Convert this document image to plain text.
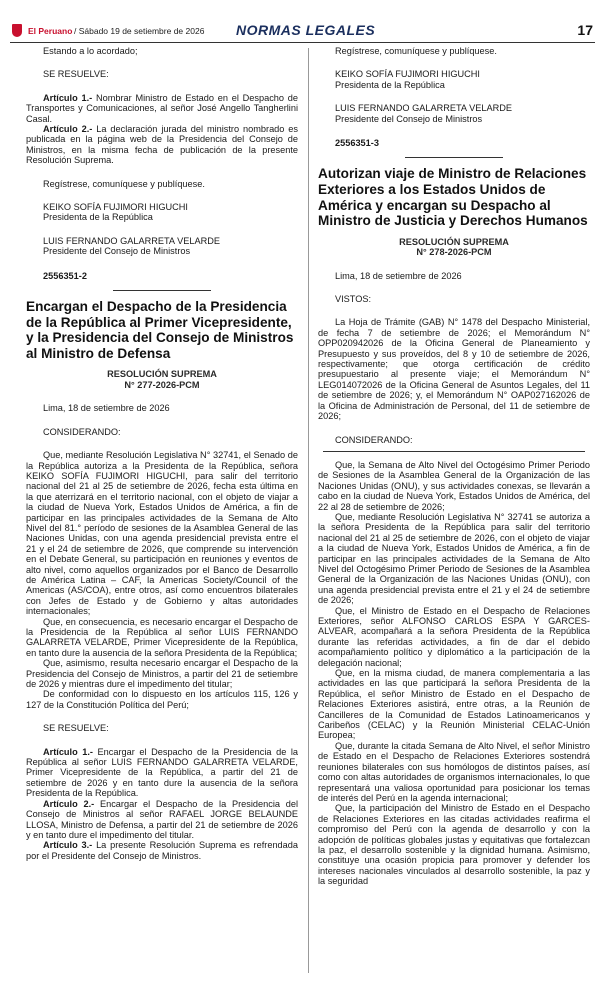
El Peruano / Sábado 19 de setiembre de 2026 NORMAS LEGALES	17

Estando a lo acordado;

SE RESUELVE:

Artículo 1.- Nombrar Ministro de Estado en el Despacho de Transportes y Comunicaciones, al señor José Angello Tangherlini Casal.

Artículo 2.- La declaración jurada del ministro nombrado es publicada en la página web de la Presidencia del Consejo de Ministros, en la misma fecha de publicación de la presente Resolución Suprema.

Regístrese, comuníquese y publíquese.

KEIKO SOFÍA FUJIMORI HIGUCHI

Presidenta de la República

LUIS FERNANDO GALARRETA VELARDE

Presidente del Consejo de Ministros

2556351-2

Encargan el Despacho de la Presidencia de la República al Primer Vicepresidente, y la Presidencia del Consejo de Ministros al Ministro de Defensa

RESOLUCIÓN SUPREMA

N° 277-2026-PCM

Lima, 18 de setiembre de 2026

CONSIDERANDO:

Que, mediante Resolución Legislativa N° 32741, el Senado de la República autoriza a la Presidenta de la República, señora KEIKO SOFÍA FUJIMORI HIGUCHI, para salir del territorio nacional del 21 al 25 de setiembre de 2026, fecha esta última en la que aterrizará en el territorio nacional, con el objeto de viajar a la ciudad de Nueva York, Estados Unidos de América, a fin de participar en las principales actividades de la Semana de Alto Nivel del 81.° período de sesiones de la Asamblea General de las Naciones Unidas, con una agenda presidencial prevista entre el 21 y el 24 de setiembre de 2026, que comprende su intervención en el Debate General, su participación en reuniones y eventos de alto nivel, como aquellos organizados por el Banco de Desarrollo de América Latina – CAF, la Americas Society/Council of the Americas (AS/COA), entre otros, así como encuentros bilaterales con Jefes de Estado y de Gobierno y altas autoridades internacionales;

Que, en consecuencia, es necesario encargar el Despacho de la Presidencia de la República al señor LUIS FERNANDO GALARRETA VELARDE, Primer Vicepresidente de la República, en tanto dure la ausencia de la señora Presidenta de la República;

Que, asimismo, resulta necesario encargar el Despacho de la Presidencia del Consejo de Ministros, a partir del 21 de setiembre de 2026 y mientras dure el impedimento del titular;

De conformidad con lo dispuesto en los artículos 115, 126 y 127 de la Constitución Política del Perú;

SE RESUELVE:

Artículo 1.- Encargar el Despacho de la Presidencia de la República al señor LUIS FERNANDO GALARRETA VELARDE, Primer Vicepresidente de la República, a partir del 21 de setiembre de 2026 y en tanto dure la ausencia de la señora Presidenta de la República.

Artículo 2.- Encargar el Despacho de la Presidencia del Consejo de Ministros al señor RAFAEL JORGE BELAUNDE LLOSA, Ministro de Defensa, a partir del 21 de setiembre de 2026 y en tanto dure el impedimento del titular.

Artículo 3.- La presente Resolución Suprema es refrendada por el Presidente del Consejo de Ministros.

Regístrese, comuníquese y publíquese.

KEIKO SOFÍA FUJIMORI HIGUCHI

Presidenta de la República

LUIS FERNANDO GALARRETA VELARDE

Presidente del Consejo de Ministros

2556351-3

Autorizan viaje de Ministro de Relaciones Exteriores a los Estados Unidos de América y encargan su Despacho al Ministro de Justicia y Derechos Humanos

RESOLUCIÓN SUPREMA

N° 278-2026-PCM

Lima, 18 de setiembre de 2026

VISTOS:

La Hoja de Trámite (GAB) N° 1478 del Despacho Ministerial, de fecha 7 de setiembre de 2026; el Memorándum N° OPP020942026 de la Oficina General de Planeamiento y Presupuesto y sus proveídos, del 8 y 10 de setiembre de 2026, respectivamente; que otorga certificación de crédito presupuestario al presente viaje; el Memorándum N° LEG014072026 de la Oficina General de Asuntos Legales, del 11 de setiembre de 2026; y, el Memorándum N° OAP027162026 de la Oficina de Administración de Personal, del 11 de setiembre de 2026;

CONSIDERANDO:

Que, la Semana de Alto Nivel del Octogésimo Primer Periodo de Sesiones de la Asamblea General de la Organización de las Naciones Unidas (ONU), y sus actividades conexas, se llevarán a cabo en la ciudad de Nueva York, Estados Unidos de América, del 22 al 28 de setiembre de 2026;

Que, mediante Resolución Legislativa N° 32741 se autoriza a la señora Presidenta de la República para salir del territorio nacional del 21 al 25 de setiembre de 2026, con el objeto de viajar a la ciudad de Nueva York, Estados Unidos de América, a fin de participar en las principales actividades de la Semana de Alto Nivel del Octogésimo Primer Periodo de Sesiones de la Asamblea General de la Organización de las Naciones Unidas (ONU), con una agenda presidencial prevista entre el 21 y el 24 de setiembre de 2026;

Que, el Ministro de Estado en el Despacho de Relaciones Exteriores, señor ALFONSO CARLOS ESPA Y GARCES-ALVEAR, acompañará a la señora Presidenta de la República durante las referidas actividades, a fin de dar el debido acompañamiento político y diplomático a la participación de la delegación nacional;

Que, en la misma ciudad, de manera complementaria a las actividades en las que participará la señora Presidenta de la República, el señor Ministro de Estado en el Despacho de Relaciones Exteriores asistirá, entre otras, a la Reunión de Cancilleres de la Comunidad de Estados Latinoamericanos y Caribeños (CELAC) y la Reunión Ministerial CELAC-Unión Europea;

Que, durante la citada Semana de Alto Nivel, el señor Ministro de Estado en el Despacho de Relaciones Exteriores sostendrá reuniones bilaterales con sus homólogos de distintos países, así como con altas autoridades de organismos internacionales, lo que representará una valiosa oportunidad para posicionar los temas de interés del Perú en la agenda internacional;

Que, la participación del Ministro de Estado en el Despacho de Relaciones Exteriores en las citadas actividades reafirma el compromiso del Perú con la agenda de desarrollo y con la adopción de políticas globales justas y equitativas que fortalezcan la paz, el desarrollo sostenible y la dignidad humana. Asimismo, constituye una ocasión propicia para promover y defender los intereses nacionales vinculados al desarrollo sostenible, la paz y la seguridad
